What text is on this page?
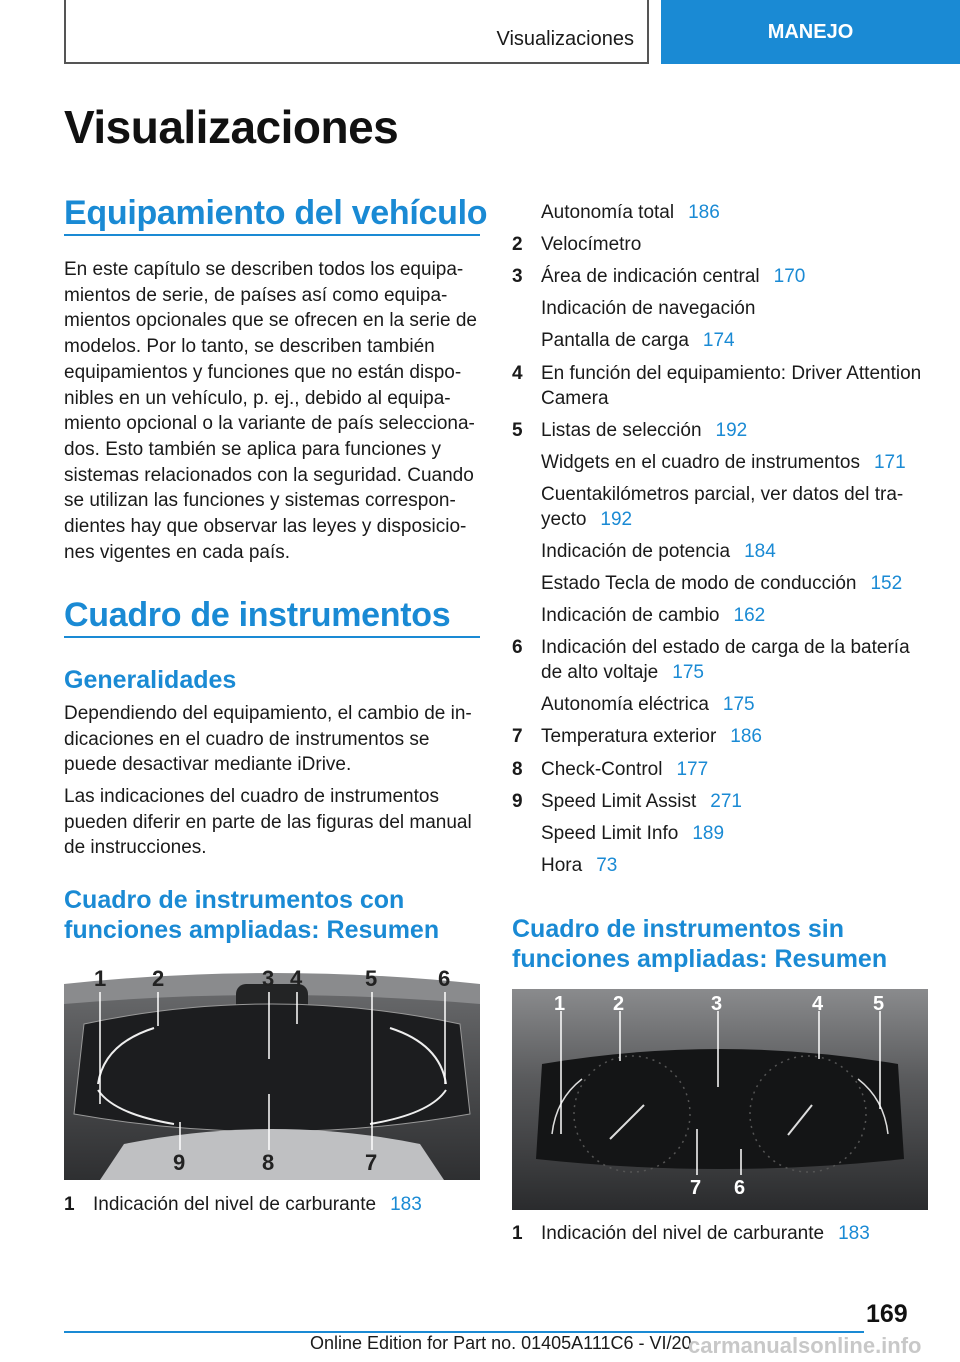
Visualizaciones	MANEJO
Visualizaciones
Equipamiento del vehículo
En este capítulo se describen todos los equipa‐
mientos de serie, de países así como equipa‐
mientos opcionales que se ofrecen en la serie de
modelos. Por lo tanto, se describen también
equipamientos y funciones que no están dispo‐
nibles en un vehículo, p. ej., debido al equipa‐
miento opcional o la variante de país selecciona‐
dos. Esto también se aplica para funciones y
sistemas relacionados con la seguridad. Cuando
se utilizan las funciones y sistemas correspon‐
dientes hay que observar las leyes y disposicio‐
nes vigentes en cada país.
Cuadro de instrumentos
Generalidades
Dependiendo del equipamiento, el cambio de in‐
dicaciones en el cuadro de instrumentos se
puede desactivar mediante iDrive.
Las indicaciones del cuadro de instrumentos
pueden diferir en parte de las figuras del manual
de instrucciones.
Cuadro de instrumentos con
funciones ampliadas: Resumen
1 2	3 4	5	6
9	8	7
1 Indicación del nivel de carburante 183
Autonomía total 186
2 Velocímetro
3 Área de indicación central 170
Indicación de navegación
Pantalla de carga 174
4 En función del equipamiento: Driver Attention
Camera
5 Listas de selección 192
Widgets en el cuadro de instrumentos 171
Cuentakilómetros parcial, ver datos del tra‐
yecto 192
Indicación de potencia 184
Estado Tecla de modo de conducción 152
Indicación de cambio 162
6 Indicación del estado de carga de la batería
de alto voltaje 175
Autonomía eléctrica 175
7 Temperatura exterior 186
8 Check-Control 177
9 Speed Limit Assist 271
Speed Limit Info 189
Hora 73
Cuadro de instrumentos sin
funciones ampliadas: Resumen
1 2	3	4 5
7 6
1 Indicación del nivel de carburante 183
169
Online Edition for Part no. 01405A111C6 - VI/20
carmanualsonline.info
